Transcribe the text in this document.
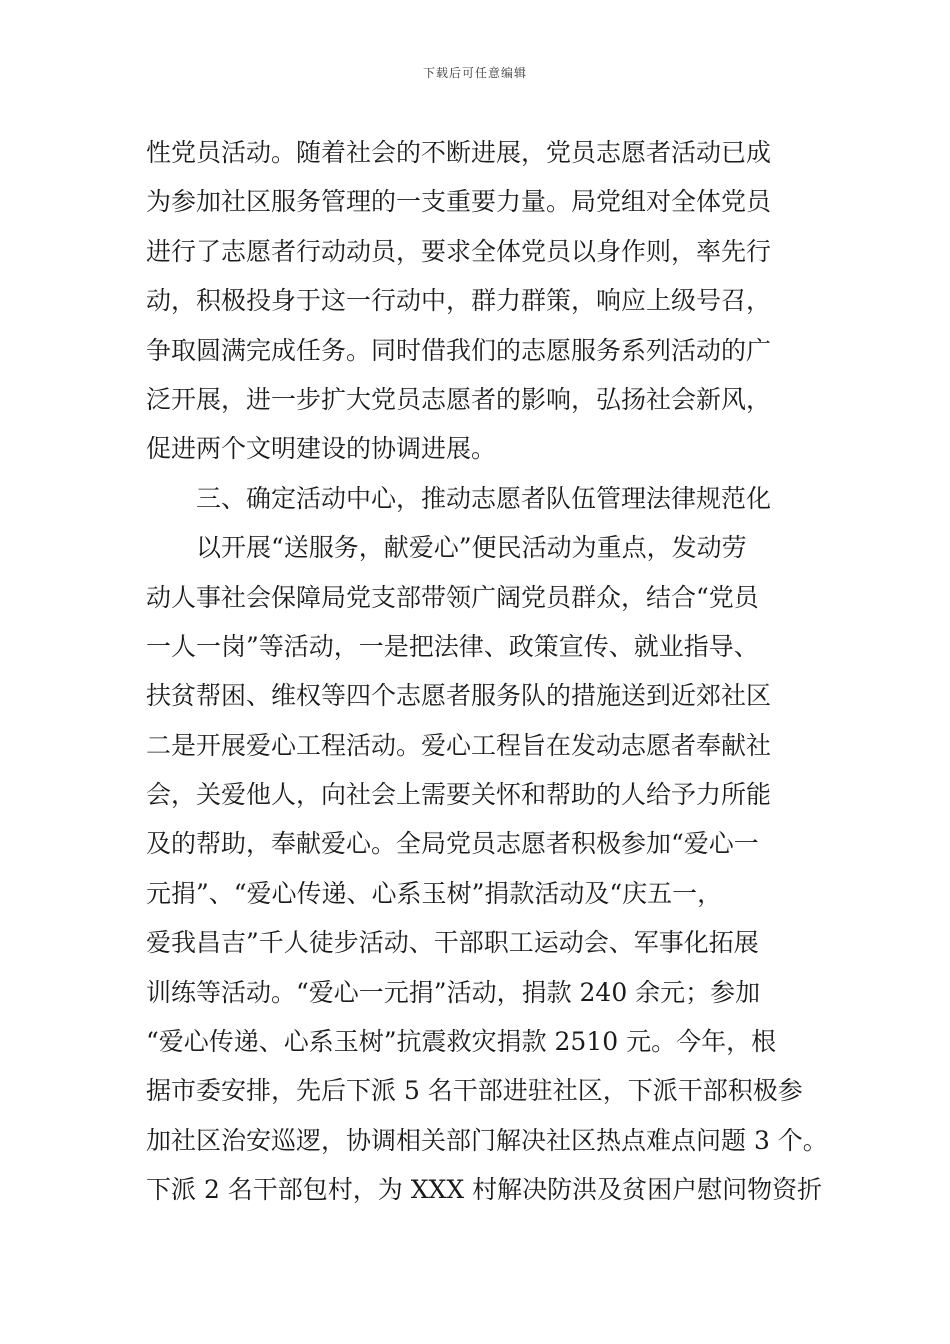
下载后可任意编辑
性党员活动。随着社会的不断进展，党员志愿者活动已成
为参加社区服务管理的一支重要力量。局党组对全体党员
进行了志愿者行动动员，要求全体党员以身作则，率先行
动，积极投身于这一行动中，群力群策，响应上级号召，
争取圆满完成任务。同时借我们的志愿服务系列活动的广
泛开展，进一步扩大党员志愿者的影响，弘扬社会新风，
促进两个文明建设的协调进展。
三、确定活动中心，推动志愿者队伍管理法律规范化
以开展“送服务，献爱心”便民活动为重点，发动劳
动人事社会保障局党支部带领广阔党员群众，结合“党员
一人一岗”等活动，一是把法律、政策宣传、就业指导、
扶贫帮困、维权等四个志愿者服务队的措施送到近郊社区
二是开展爱心工程活动。爱心工程旨在发动志愿者奉献社
会，关爱他人，向社会上需要关怀和帮助的人给予力所能
及的帮助，奉献爱心。全局党员志愿者积极参加“爱心一
元捐”、“爱心传递、心系玉树”捐款活动及“庆五一，
爱我昌吉”千人徒步活动、干部职工运动会、军事化拓展
训练等活动。“爱心一元捐”活动，捐款 240 余元；参加
“爱心传递、心系玉树”抗震救灾捐款 2510 元。今年，根
据市委安排，先后下派 5 名干部进驻社区，下派干部积极参
加社区治安巡逻，协调相关部门解决社区热点难点问题 3 个。
下派 2 名干部包村，为 XXX 村解决防洪及贫困户慰问物资折
